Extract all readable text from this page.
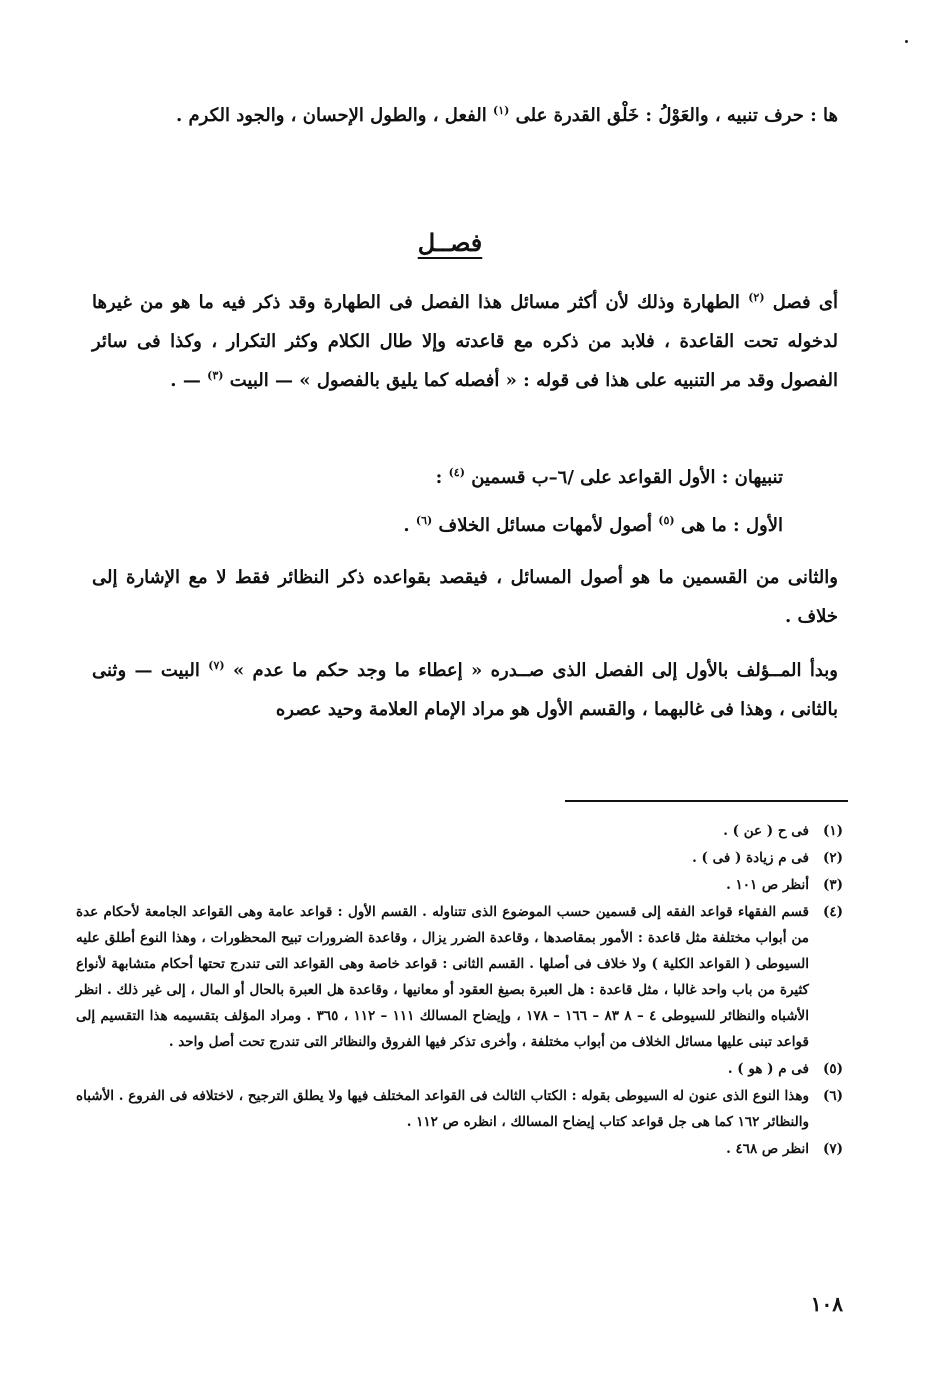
ها : حرف تنبيه ، والعَوْلُ : خَلْق القدرة على $^{(١)}$ الفعل ، والطول الإحسان ، والجود الكرم .

فصــل

أى فصل $^{(٢)}$ الطهارة وذلك لأن أكثر مسائل هذا الفصل فى الطهارة وقد ذكر فيه ما هو من غيرها لدخوله تحت القاعدة ، فلابد من ذكره مع قاعدته وإلا طال الكلام وكثر التكرار ، وكذا فى سائر الفصول وقد مر التنبيه على هذا فى قوله : « أفصله كما يليق بالفصول » — البيت $^{(٣)}$ — .

تنبيهان : الأول القواعد على /٦–ب قسمين $^{(٤)}$ :
الأول : ما هى $^{(٥)}$ أصول لأمهات مسائل الخلاف $^{(٦)}$ .

والثانى من القسمين ما هو أصول المسائل ، فيقصد بقواعده ذكر النظائر فقط لا مع الإشارة إلى خلاف .

وبدأ المــؤلف بالأول إلى الفصل الذى صــدره « إعطاء ما وجد حكم ما عدم » $^{(٧)}$ البيت — وثنى بالثانى ، وهذا فى غالبهما ، والقسم الأول هو مراد الإمام العلامة وحيد عصره

(١)
فى ح ( عن ) .
(٢)
فى م زيادة ( فى ) .
(٣)
أنظر ص ١٠١ .
(٤)
قسم الفقهاء قواعد الفقه إلى قسمين حسب الموضوع الذى تتناوله . القسم الأول : قواعد عامة وهى القواعد الجامعة لأحكام عدة من أبواب مختلفة مثل قاعدة : الأمور بمقاصدها ، وقاعدة الضرر يزال ، وقاعدة الضرورات تبيح المحظورات ، وهذا النوع أطلق عليه السيوطى ( القواعد الكلية ) ولا خلاف فى أصلها . القسم الثانى : قواعد خاصة وهى القواعد التى تندرج تحتها أحكام متشابهة لأنواع كثيرة من باب واحد غالبا ، مثل قاعدة : هل العبرة بصيغ العقود أو معانيها ، وقاعدة هل العبرة بالحال أو المال ، إلى غير ذلك . انظر الأشباه والنظائر للسيوطى ٤ – ٨ ٨٣ – ١٦٦ – ١٧٨ ، وإيضاح المسالك ١١١ – ١١٢ ، ٣٦٥ . ومراد المؤلف بتقسيمه هذا التقسيم إلى قواعد تبنى عليها مسائل الخلاف من أبواب مختلفة ، وأخرى تذكر فيها الفروق والنظائر التى تندرج تحت أصل واحد .
(٥)
فى م ( هو ) .
(٦)
وهذا النوع الذى عنون له السيوطى بقوله : الكتاب الثالث فى القواعد المختلف فيها ولا يطلق الترجيح ، لاختلافه فى الفروع . الأشباه والنظائر ١٦٢ كما هى جل قواعد كتاب إيضاح المسالك ، انظره ص ١١٢ .
(٧)
انظر ص ٤٦٨ .
١٠٨
